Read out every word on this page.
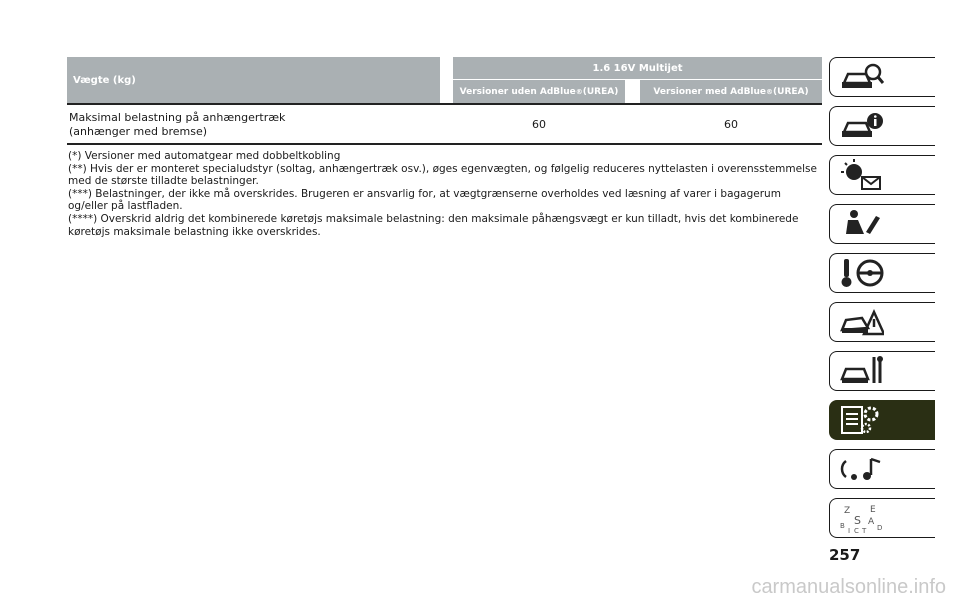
Vægte (kg)
1.6 16V Multijet
Versioner uden AdBlue ® (UREA)	Versioner med AdBlue ® (UREA)
Maksimal belastning på anhængertræk
(anhænger med bremse)
60	60

(*) Versioner med automatgear med dobbeltkobling

(**) Hvis der er monteret specialudstyr (soltag, anhængertræk osv.), øges egenvægten, og følgelig reduceres nyttelasten i overensstemmelse med de største tilladte belastninger.

(***) Belastninger, der ikke må overskrides. Brugeren er ansvarlig for, at vægtgrænserne overholdes ved læsning af varer i bagagerum og/eller på lastfladen.

(****) Overskrid aldrig det kombinerede køretøjs maksimale belastning: den maksimale påhængsvægt er kun tilladt, hvis det kombinerede køretøjs maksimale belastning ikke overskrides.

Z
S
E
A
B
I C T D
257
carmanualsonline.info
